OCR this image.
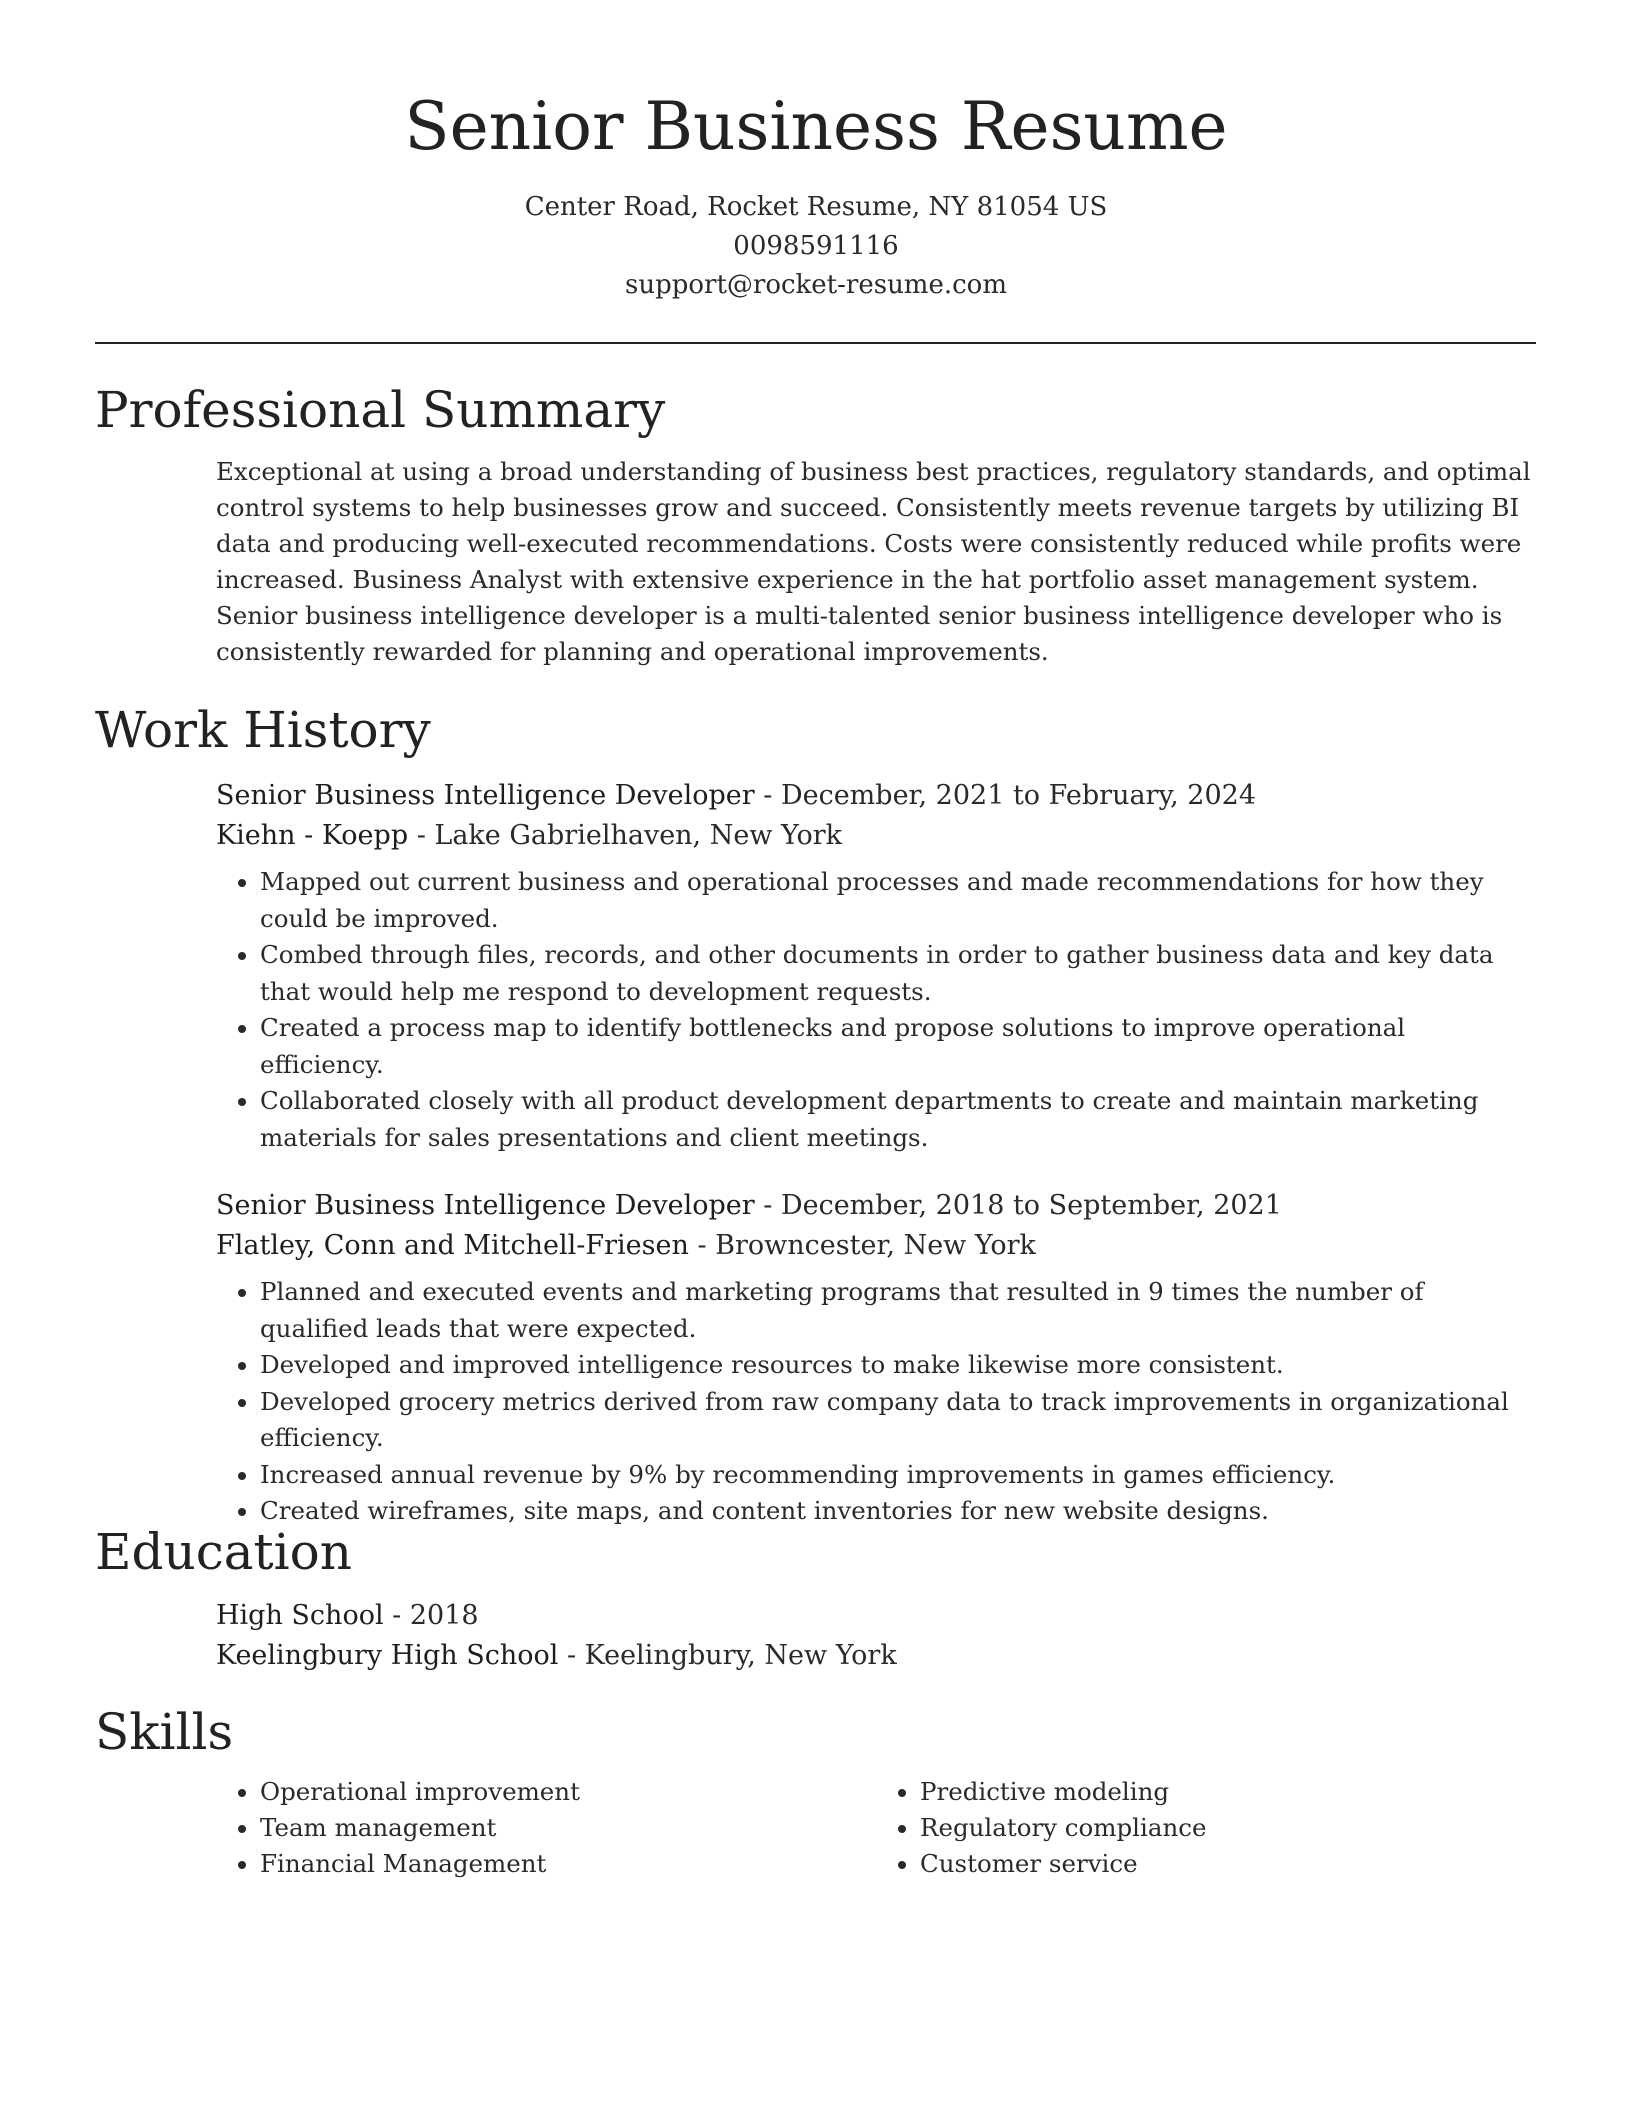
Senior Business Resume
Center Road, Rocket Resume, NY 81054 US
0098591116
support@rocket-resume.com
Professional Summary
Exceptional at using a broad understanding of business best practices, regulatory standards, and optimal control systems to help businesses grow and succeed. Consistently meets revenue targets by utilizing BI data and producing well-executed recommendations. Costs were consistently reduced while profits were increased. Business Analyst with extensive experience in the hat portfolio asset management system. Senior business intelligence developer is a multi-talented senior business intelligence developer who is consistently rewarded for planning and operational improvements.
Work History
Senior Business Intelligence Developer - December, 2021 to February, 2024
Kiehn - Koepp - Lake Gabrielhaven, New York
• Mapped out current business and operational processes and made recommendations for how they could be improved.
• Combed through files, records, and other documents in order to gather business data and key data that would help me respond to development requests.
• Created a process map to identify bottlenecks and propose solutions to improve operational efficiency.
• Collaborated closely with all product development departments to create and maintain marketing materials for sales presentations and client meetings.
Senior Business Intelligence Developer - December, 2018 to September, 2021
Flatley, Conn and Mitchell-Friesen - Browncester, New York
• Planned and executed events and marketing programs that resulted in 9 times the number of qualified leads that were expected.
• Developed and improved intelligence resources to make likewise more consistent.
• Developed grocery metrics derived from raw company data to track improvements in organizational efficiency.
• Increased annual revenue by 9% by recommending improvements in games efficiency.
• Created wireframes, site maps, and content inventories for new website designs.
Education
High School - 2018
Keelingbury High School - Keelingbury, New York
Skills
• Operational improvement
• Team management
• Financial Management
• Predictive modeling
• Regulatory compliance
• Customer service
